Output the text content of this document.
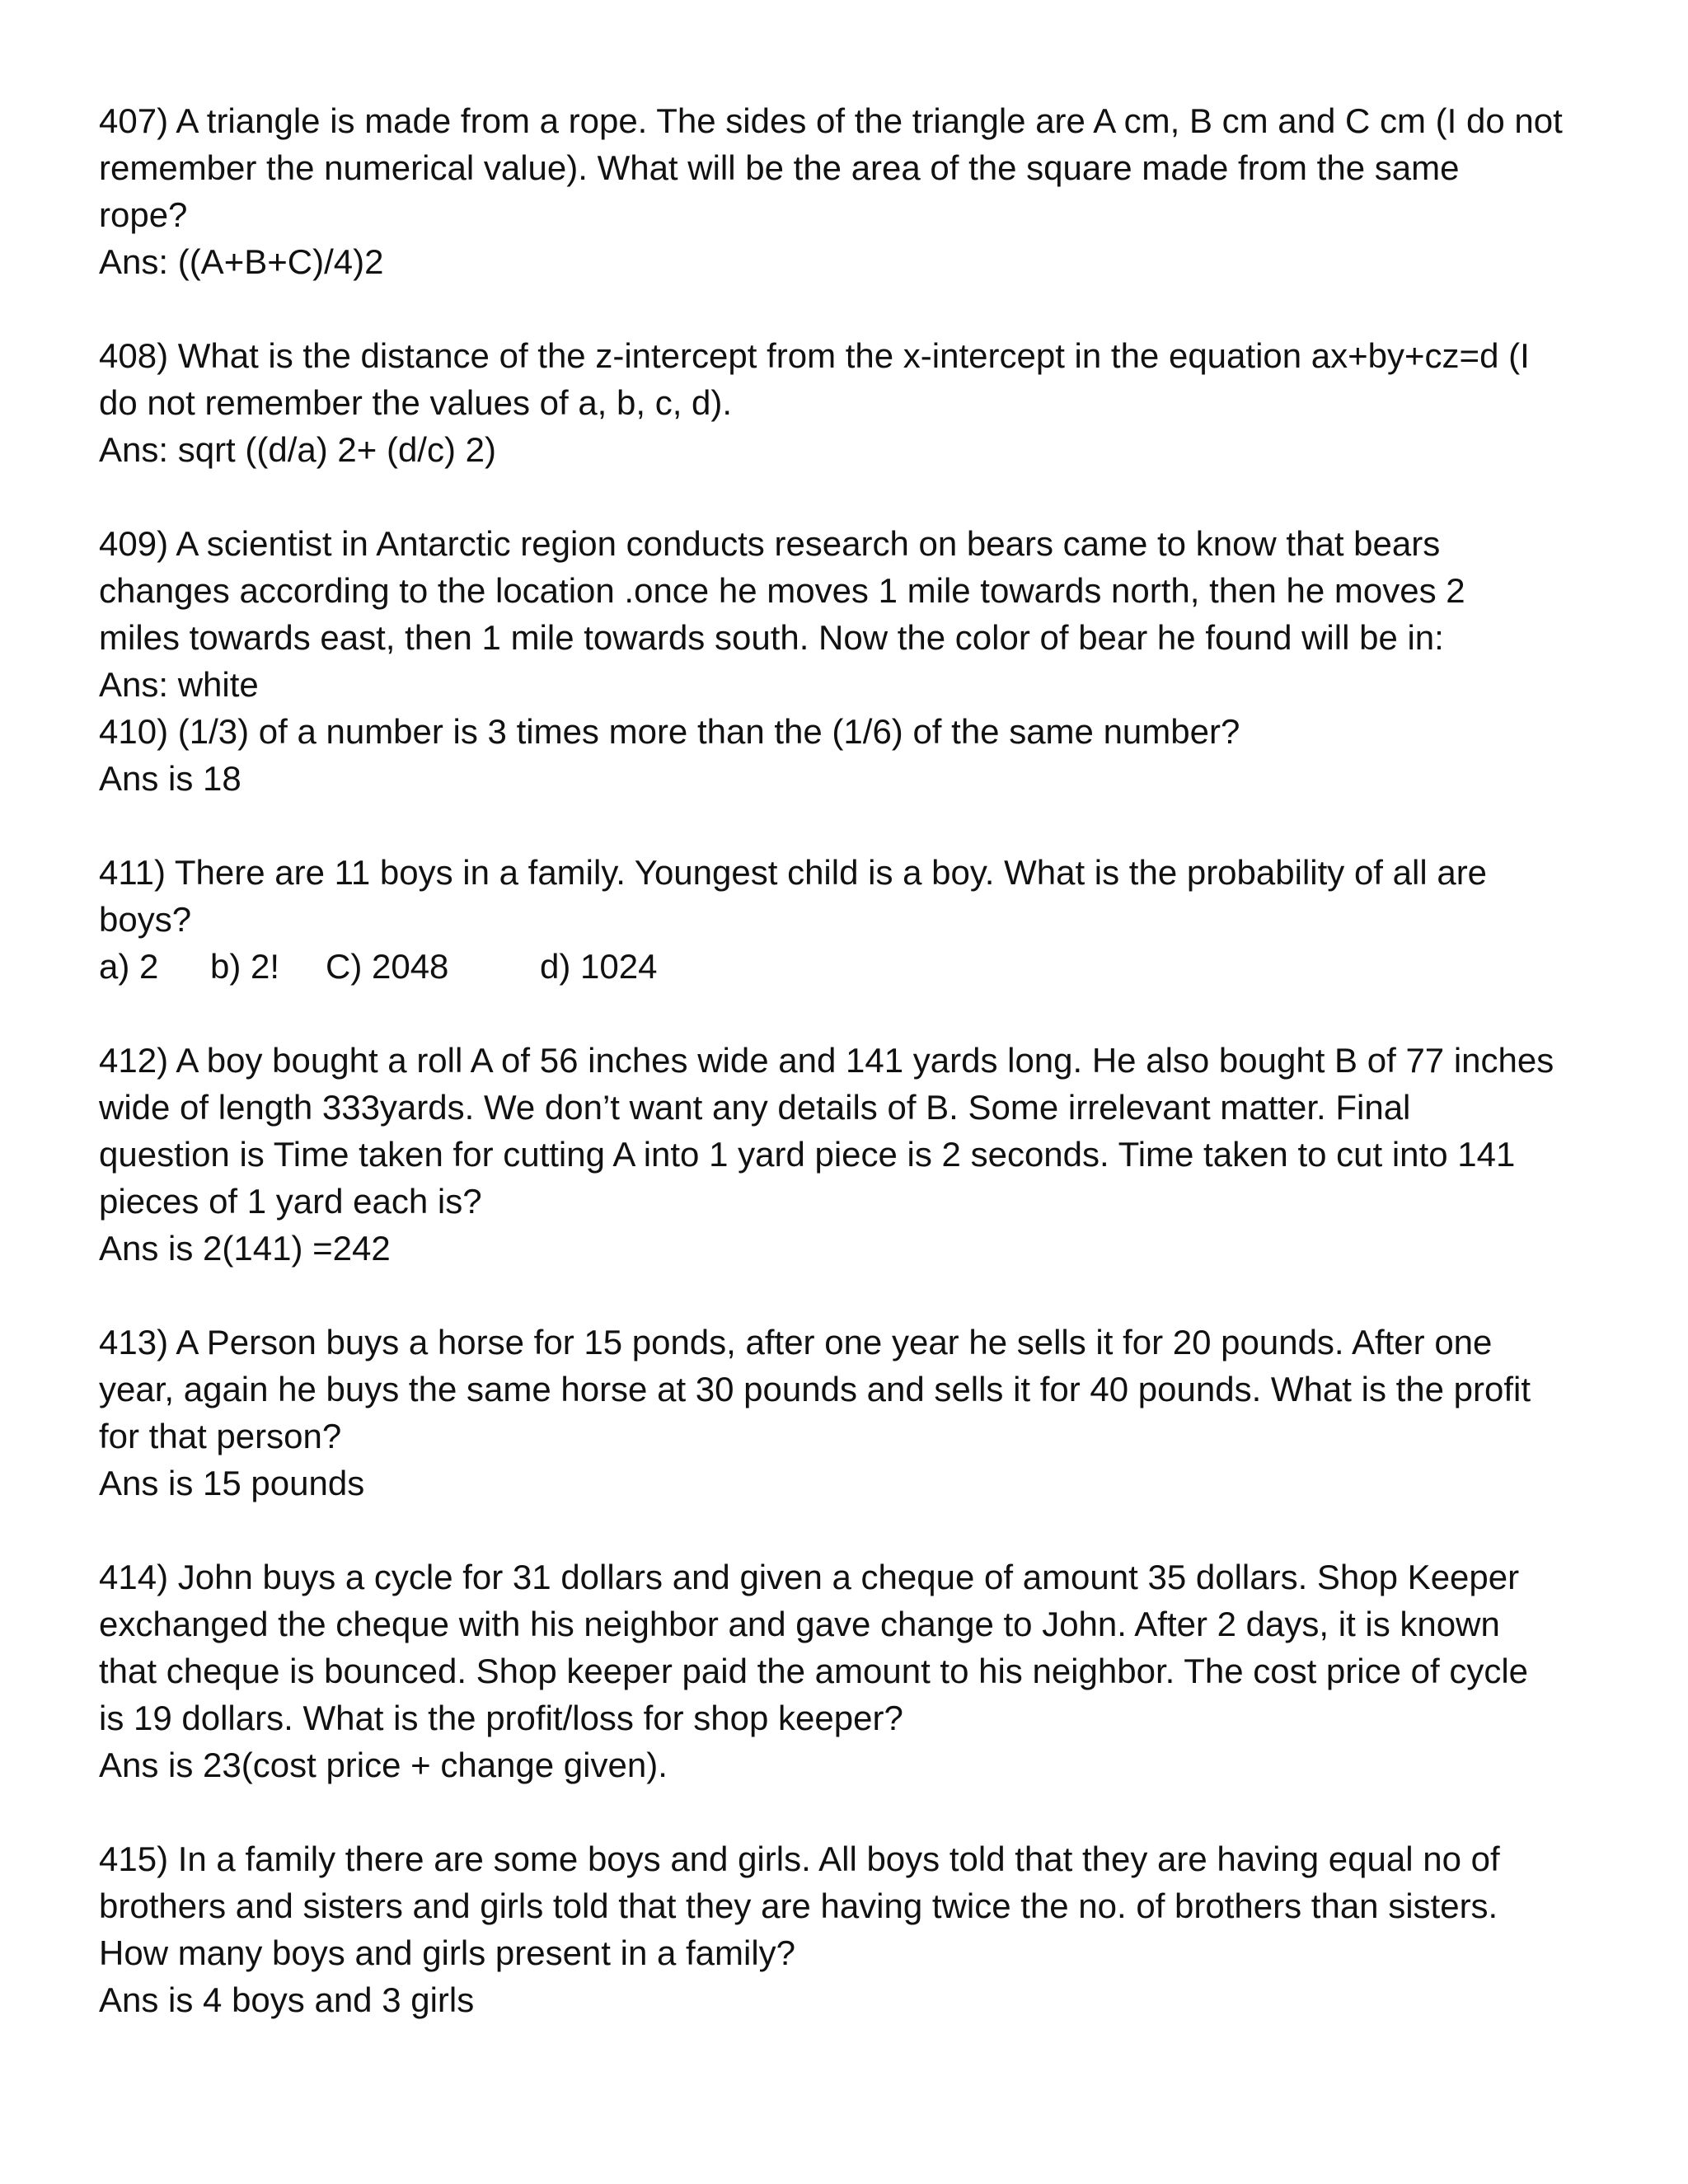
407) A triangle is made from a rope. The sides of the triangle are A cm, B cm and C cm (I do not
remember the numerical value). What will be the area of the square made from the same
rope?
Ans: ((A+B+C)/4)2
408) What is the distance of the z-intercept from the x-intercept in the equation ax+by+cz=d (I
do not remember the values of a, b, c, d).
Ans: sqrt ((d/a) 2+ (d/c) 2)
409) A scientist in Antarctic region conducts research on bears came to know that bears
changes according to the location .once he moves 1 mile towards north, then he moves 2
miles towards east, then 1 mile towards south. Now the color of bear he found will be in:
Ans: white
410) (1/3) of a number is 3 times more than the (1/6) of the same number?
Ans is 18
411) There are 11 boys in a family. Youngest child is a boy. What is the probability of all are
boys?
a) 2 b) 2! C) 2048	d) 1024
412) A boy bought a roll A of 56 inches wide and 141 yards long. He also bought B of 77 inches
wide of length 333yards. We don’t want any details of B. Some irrelevant matter. Final
question is Time taken for cutting A into 1 yard piece is 2 seconds. Time taken to cut into 141
pieces of 1 yard each is?
Ans is 2(141) =242
413) A Person buys a horse for 15 ponds, after one year he sells it for 20 pounds. After one
year, again he buys the same horse at 30 pounds and sells it for 40 pounds. What is the profit
for that person?
Ans is 15 pounds
414) John buys a cycle for 31 dollars and given a cheque of amount 35 dollars. Shop Keeper
exchanged the cheque with his neighbor and gave change to John. After 2 days, it is known
that cheque is bounced. Shop keeper paid the amount to his neighbor. The cost price of cycle
is 19 dollars. What is the profit/loss for shop keeper?
Ans is 23(cost price + change given).
415) In a family there are some boys and girls. All boys told that they are having equal no of
brothers and sisters and girls told that they are having twice the no. of brothers than sisters.
How many boys and girls present in a family?
Ans is 4 boys and 3 girls
